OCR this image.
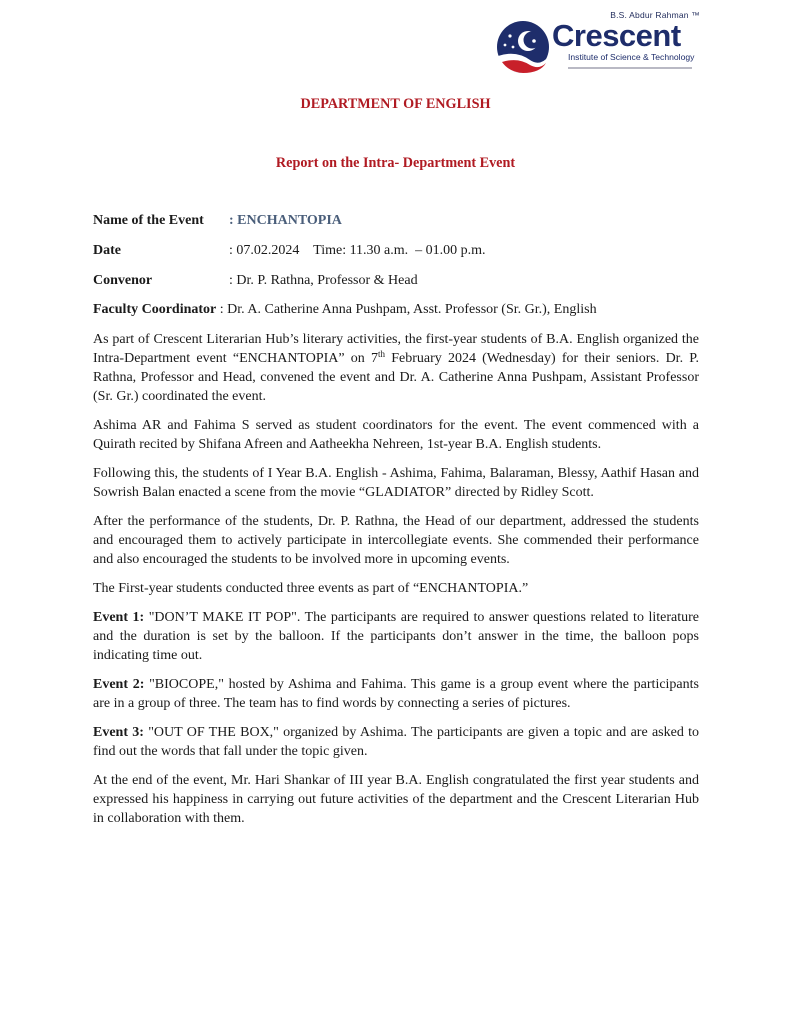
B.S. Abdur Rahman ™
Crescent
Institute of Science & Technology
DEPARTMENT OF ENGLISH
Report on the Intra- Department Event
Name of the Event : ENCHANTOPIA
Date	: 07.02.2024    Time: 11.30 a.m.  – 01.00 p.m.
Convenor	: Dr. P. Rathna, Professor & Head
Faculty Coordinator : Dr. A. Catherine Anna Pushpam, Asst. Professor (Sr. Gr.), English

As part of Crescent Literarian Hub’s literary activities, the first-year students of B.A. English organized the Intra-Department event “ENCHANTOPIA” on 7th February 2024 (Wednesday) for their seniors. Dr. P. Rathna, Professor and Head, convened the event and Dr. A. Catherine Anna Pushpam, Assistant Professor (Sr. Gr.) coordinated the event.

Ashima AR and Fahima S served as student coordinators for the event. The event commenced with a Quirath recited by Shifana Afreen and Aatheekha Nehreen, 1st-year B.A. English students.

Following this, the students of I Year B.A. English - Ashima, Fahima, Balaraman, Blessy, Aathif Hasan and Sowrish Balan enacted a scene from the movie “GLADIATOR” directed by Ridley Scott.

After the performance of the students, Dr. P. Rathna, the Head of our department, addressed the students and encouraged them to actively participate in intercollegiate events. She commended their performance and also encouraged the students to be involved more in upcoming events.

The First-year students conducted three events as part of “ENCHANTOPIA.”

Event 1: "DON’T MAKE IT POP". The participants are required to answer questions related to literature and the duration is set by the balloon. If the participants don’t answer in the time, the balloon pops indicating time out.

Event 2: "BIOCOPE," hosted by Ashima and Fahima. This game is a group event where the participants are in a group of three. The team has to find words by connecting a series of pictures.

Event 3: "OUT OF THE BOX," organized by Ashima. The participants are given a topic and are asked to find out the words that fall under the topic given.

At the end of the event, Mr. Hari Shankar of III year B.A. English congratulated the first year students and expressed his happiness in carrying out future activities of the department and the Crescent Literarian Hub in collaboration with them.
